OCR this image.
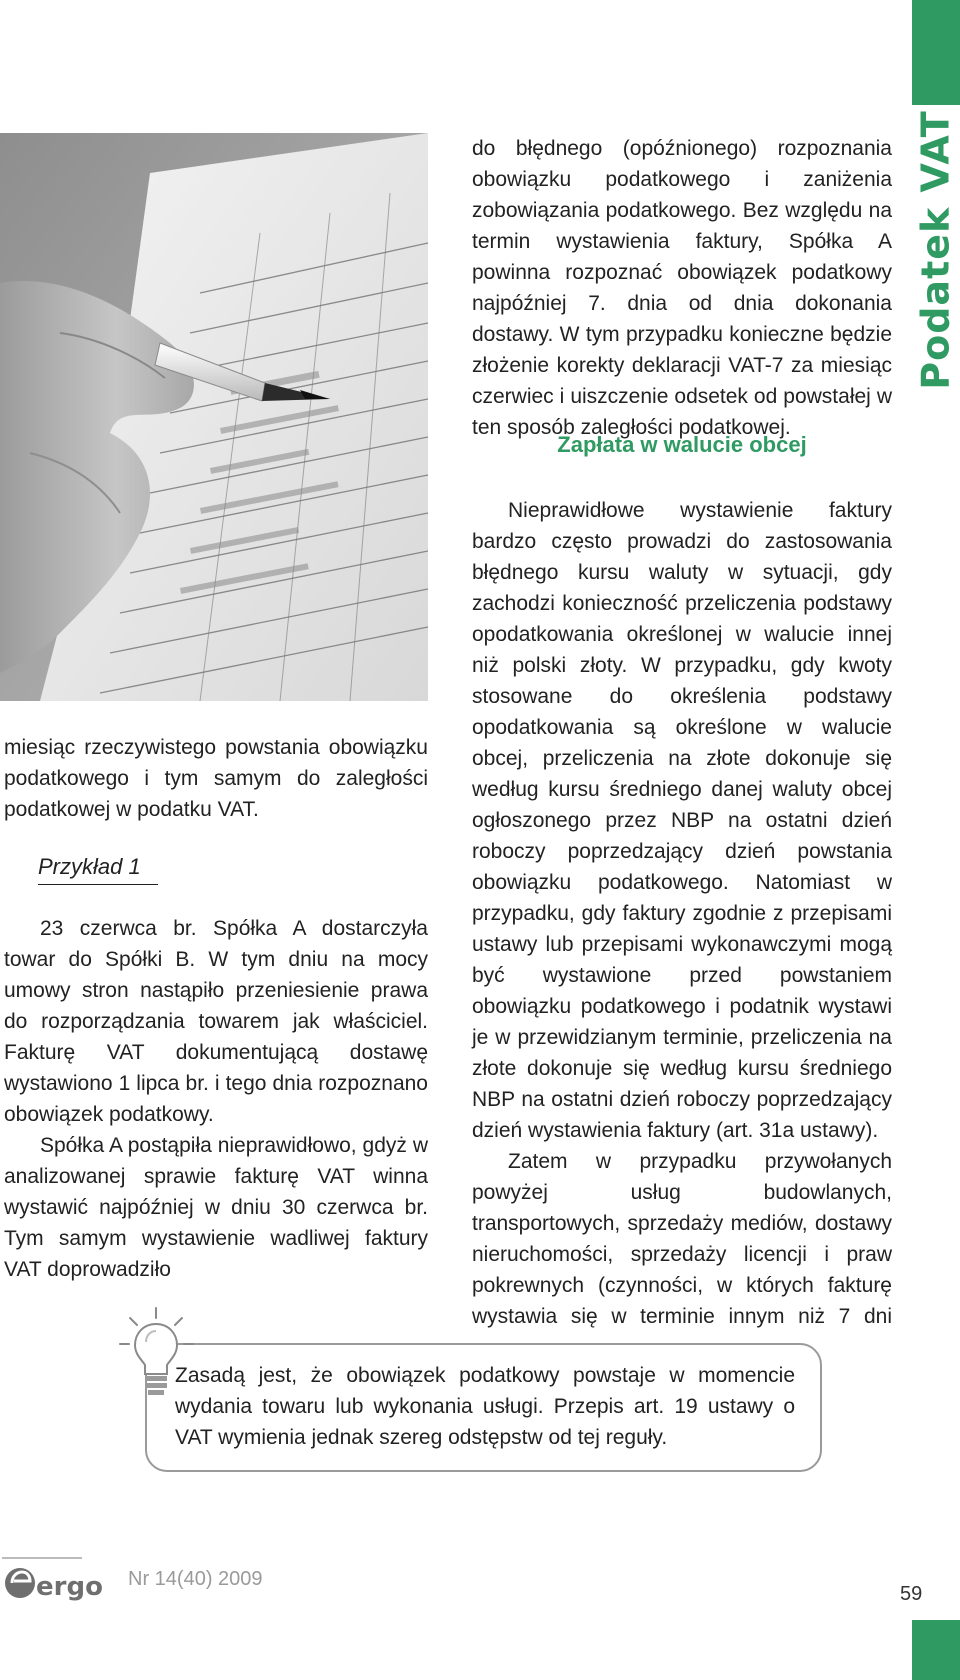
Podatek VAT

do błędnego (opóźnionego) rozpoznania obowiązku podatkowego i zaniżenia zobowiązania podatkowego. Bez względu na termin wystawienia faktury, Spółka A powinna rozpoznać obowiązek podatkowy najpóźniej 7. dnia od dnia dokonania dostawy. W tym przypadku konieczne będzie złożenie korekty deklaracji VAT-7 za miesiąc czerwiec i uiszczenie odsetek od powstałej w ten sposób zaległości podatkowej.

Zapłata w walucie obcej

Nieprawidłowe wystawienie faktury bardzo często prowadzi do zastosowania błędnego kursu waluty w sytuacji, gdy zachodzi konieczność przeliczenia podstawy opodatkowania określonej w walucie innej niż polski złoty. W przypadku, gdy kwoty stosowane do określenia podstawy opodatkowania są określone w walucie obcej, przeliczenia na złote dokonuje się według kursu średniego danej waluty obcej ogłoszonego przez NBP na ostatni dzień roboczy poprzedzający dzień powstania obowiązku podatkowego. Natomiast w przypadku, gdy faktury zgodnie z przepisami ustawy lub przepisami wykonawczymi mogą być wystawione przed powstaniem obowiązku podatkowego i podatnik wystawi je w przewidzianym terminie, przeliczenia na złote dokonuje się według kursu średniego NBP na ostatni dzień roboczy poprzedzający dzień wystawienia faktury (art. 31a ustawy).

Zatem w przypadku przywołanych powyżej usług budowlanych, transportowych, sprzedaży mediów, dostawy nieruchomości, sprzedaży licencji i praw pokrewnych (czynności, w których fakturę wystawia się w terminie innym niż 7 dni

miesiąc rzeczywistego powstania obowiązku podatkowego i tym samym do zaległości podatkowej w podatku VAT.

Przykład 1

23 czerwca br. Spółka A dostarczyła towar do Spółki B. W tym dniu na mocy umowy stron nastąpiło przeniesienie prawa do rozporządzania towarem jak właściciel. Fakturę VAT dokumentującą dostawę wystawiono 1 lipca br. i tego dnia rozpoznano obowiązek podatkowy.

Spółka A postąpiła nieprawidłowo, gdyż w analizowanej sprawie fakturę VAT winna wystawić najpóźniej w dniu 30 czerwca br. Tym samym wystawienie wadliwej faktury VAT doprowadziło

Zasadą jest, że obowiązek podatkowy powstaje w momencie wydania towaru lub wykonania usługi. Przepis art. 19 ustawy o VAT wymienia jednak szereg odstępstw od tej reguły.
ergo Nr 14(40) 2009
59
